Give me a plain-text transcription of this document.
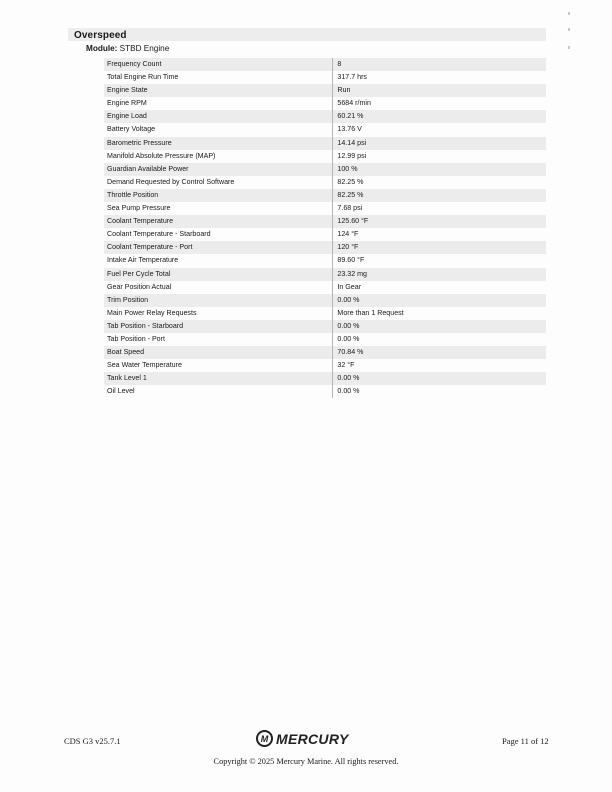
Overspeed
Module: STBD Engine
Frequency Count	8
Total Engine Run Time	317.7 hrs
Engine State	Run
Engine RPM	5684 r/min
Engine Load	60.21 %
Battery Voltage	13.76 V
Barometric Pressure	14.14 psi
Manifold Absolute Pressure (MAP)	12.99 psi
Guardian Available Power	100 %
Demand Requested by Control Software	82.25 %
Throttle Position	82.25 %
Sea Pump Pressure	7.68 psi
Coolant Temperature	125.60 °F
Coolant Temperature - Starboard	124 °F
Coolant Temperature - Port	120 °F
Intake Air Temperature	89.60 °F
Fuel Per Cycle Total	23.32 mg
Gear Position Actual	In Gear
Trim Position	0.00 %
Main Power Relay Requests	More than 1 Request
Tab Position - Starboard	0.00 %
Tab Position - Port	0.00 %
Boat Speed	70.84 %
Sea Water Temperature	32 °F
Tank Level 1	0.00 %
Oil Level	0.00 %
CDS G3 v25.7.1	M MERCURY	Page 11 of 12
Copyright © 2025 Mercury Marine. All rights reserved.
